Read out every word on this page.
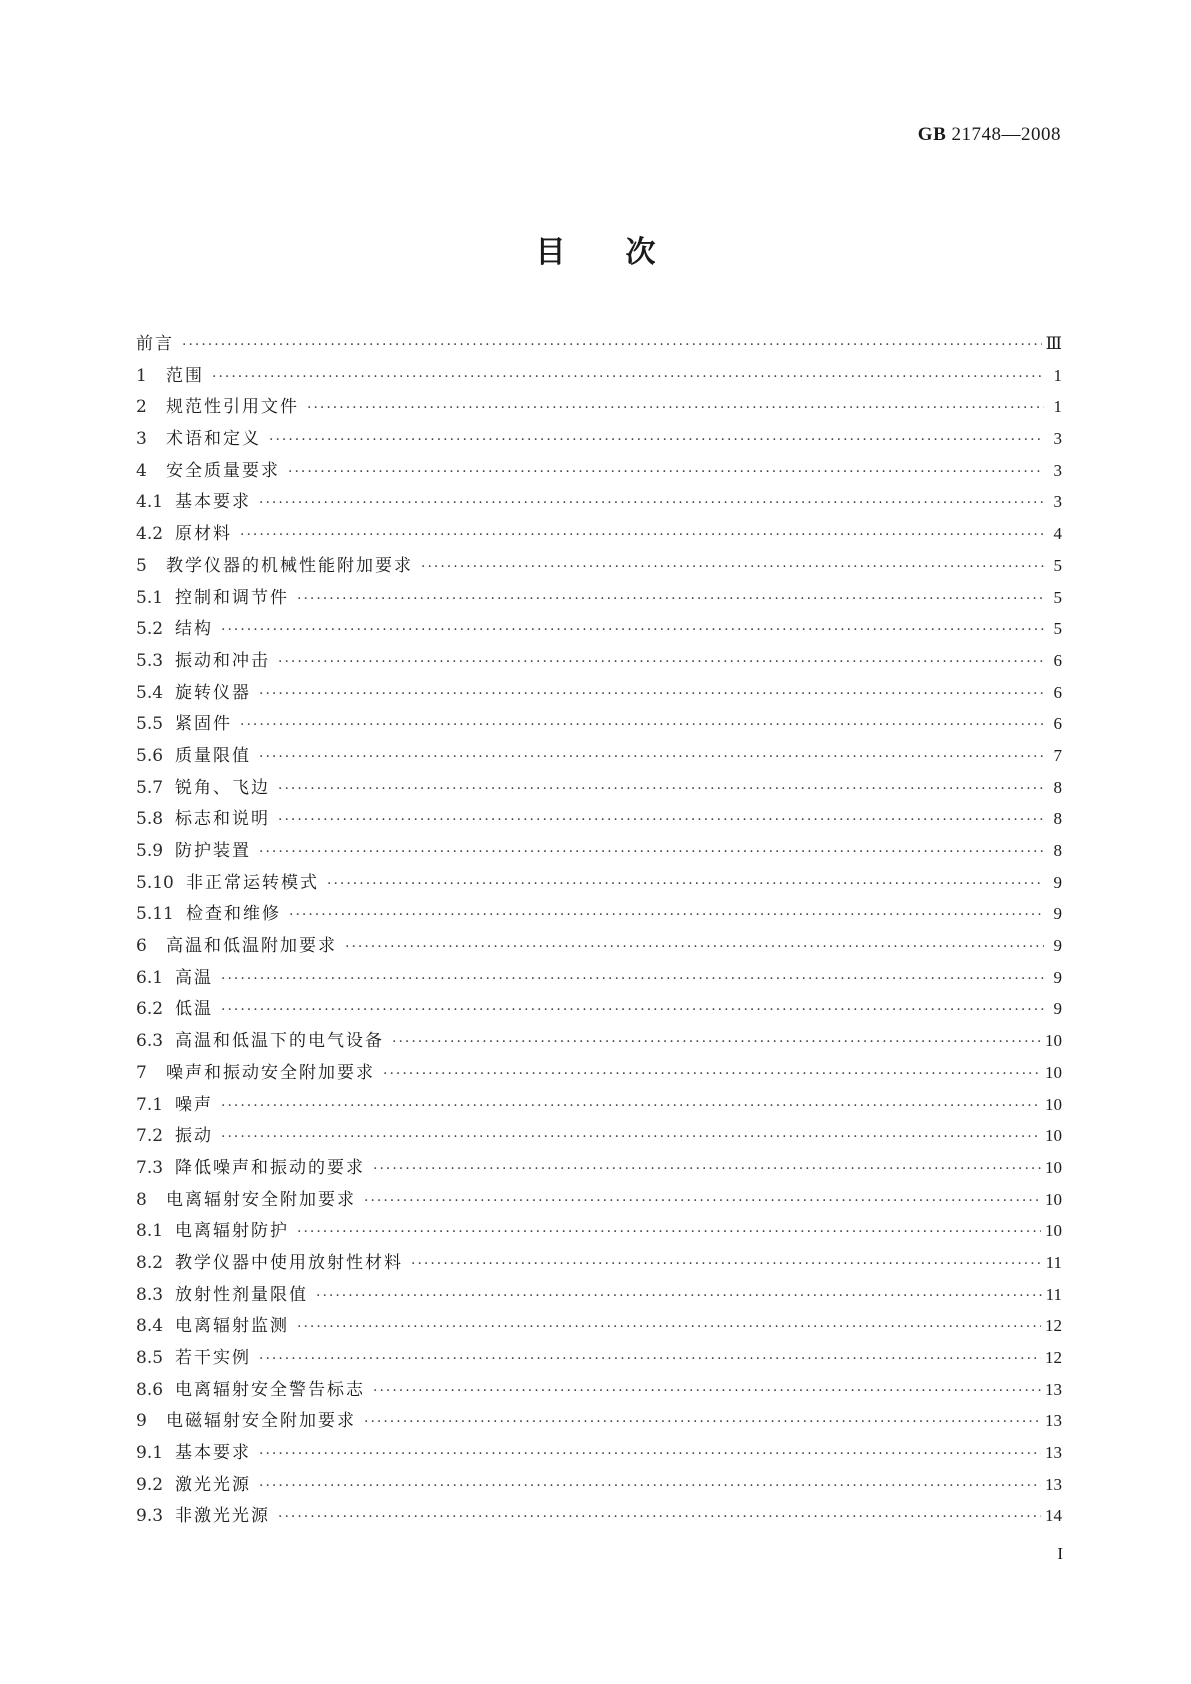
GB 21748—2008
目次
前言 ·····	Ⅲ
1	范围 ·····	1
2	规范性引用文件 ·····	1
3	术语和定义 ·····	3
4	安全质量要求 ·····	3
4.1 基本要求 ·····	3
4.2 原材料 ·····	4
5	教学仪器的机械性能附加要求 ·····	5
5.1 控制和调节件 ·····	5
5.2 结构 ·····	5
5.3 振动和冲击 ·····	6
5.4 旋转仪器 ·····	6
5.5 紧固件 ·····	6
5.6 质量限值 ·····	7
5.7 锐角、飞边 ·····	8
5.8 标志和说明 ·····	8
5.9 防护装置 ·····	8
5.10 非正常运转模式 ·····	9
5.11 检查和维修 ·····	9
6	高温和低温附加要求 ·····	9
6.1 高温 ·····	9
6.2 低温 ·····	9
6.3 高温和低温下的电气设备 ·····	10
7	噪声和振动安全附加要求 ·····	10
7.1 噪声 ·····	10
7.2 振动 ·····	10
7.3 降低噪声和振动的要求 ·····	10
8	电离辐射安全附加要求 ·····	10
8.1 电离辐射防护 ·····	10
8.2 教学仪器中使用放射性材料 ·····	11
8.3 放射性剂量限值 ·····	11
8.4 电离辐射监测 ·····	12
8.5 若干实例 ·····	12
8.6 电离辐射安全警告标志 ·····	13
9	电磁辐射安全附加要求 ·····	13
9.1 基本要求 ·····	13
9.2 激光光源 ·····	13
9.3 非激光光源 ·····	14
I
